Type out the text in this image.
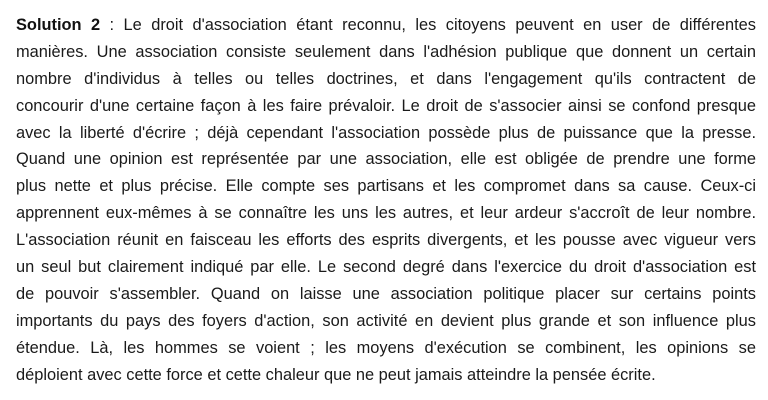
Solution 2 : Le droit d'association étant reconnu, les citoyens peuvent en user de différentes
manières. Une association consiste seulement dans l'adhésion publique que donnent un certain
nombre d'individus à telles ou telles doctrines, et dans l'engagement qu'ils contractent de
concourir d'une certaine façon à les faire prévaloir. Le droit de s'associer ainsi se confond presque
avec la liberté d'écrire ; déjà cependant l'association possède plus de puissance que la presse.
Quand une opinion est représentée par une association, elle est obligée de prendre une forme
plus nette et plus précise. Elle compte ses partisans et les compromet dans sa cause. Ceux-ci
apprennent eux-mêmes à se connaître les uns les autres, et leur ardeur s'accroît de leur nombre.
L'association réunit en faisceau les efforts des esprits divergents, et les pousse avec vigueur vers
un seul but clairement indiqué par elle. Le second degré dans l'exercice du droit d'association est
de pouvoir s'assembler. Quand on laisse une association politique placer sur certains points
importants du pays des foyers d'action, son activité en devient plus grande et son influence plus
étendue. Là, les hommes se voient ; les moyens d'exécution se combinent, les opinions se
déploient avec cette force et cette chaleur que ne peut jamais atteindre la pensée écrite.
